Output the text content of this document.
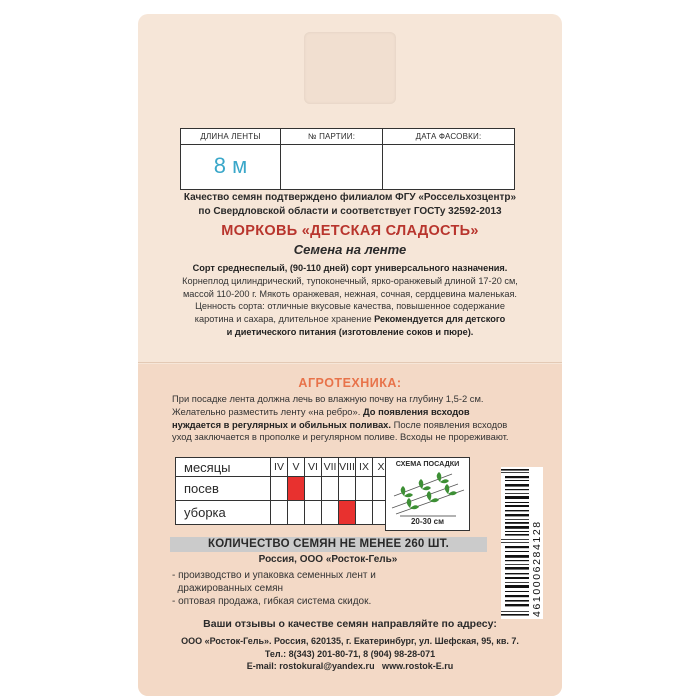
ДЛИНА ЛЕНТЫ	№ ПАРТИИ:	ДАТА ФАСОВКИ:
8 м
Качество семян подтверждено филиалом ФГУ «Россельхозцентр»
по Свердловской области и соответствует ГОСТу 32592-2013
МОРКОВЬ «ДЕТСКАЯ СЛАДОСТЬ»
Семена на ленте
Сорт среднеспелый, (90-110 дней) сорт универсального назначения.
Корнеплод цилиндрический, тупоконечный, ярко-оранжевый длиной 17-20 см,
массой 110-200 г. Мякоть оранжевая, нежная, сочная, сердцевина маленькая.
Ценность сорта: отличные вкусовые качества, повышенное содержание
каротина и сахара, длительное хранение Рекомендуется для детского
и диетического питания (изготовление соков и пюре).
АГРОТЕХНИКА:
При посадке лента должна лечь во влажную почву на глубину 1,5-2 см.
Желательно разместить ленту «на ребро». До появления всходов
нуждается в регулярных и обильных поливах. После появления всходов
уход заключается в прополке и регулярном поливе. Всходы не прореживают.
месяцы	IV	V	VI	VII	VIII	IX	X
посев							
уборка							
СХЕМА ПОСАДКИ
20-30 см	4610006284128
КОЛИЧЕСТВО СЕМЯН НЕ МЕНЕЕ 260 ШТ.
Россия, ООО «Росток-Гель»
- производство и упаковка семенных лент и
дражированных семян
- оптовая продажа, гибкая система скидок.
Ваши отзывы о качестве семян направляйте по адресу:
ООО «Росток-Гель». Россия, 620135, г. Екатеринбург, ул. Шефская, 95, кв. 7.
Тел.: 8(343) 201-80-71, 8 (904) 98-28-071
E-mail: rostokural@yandex.ru   www.rostok-E.ru
